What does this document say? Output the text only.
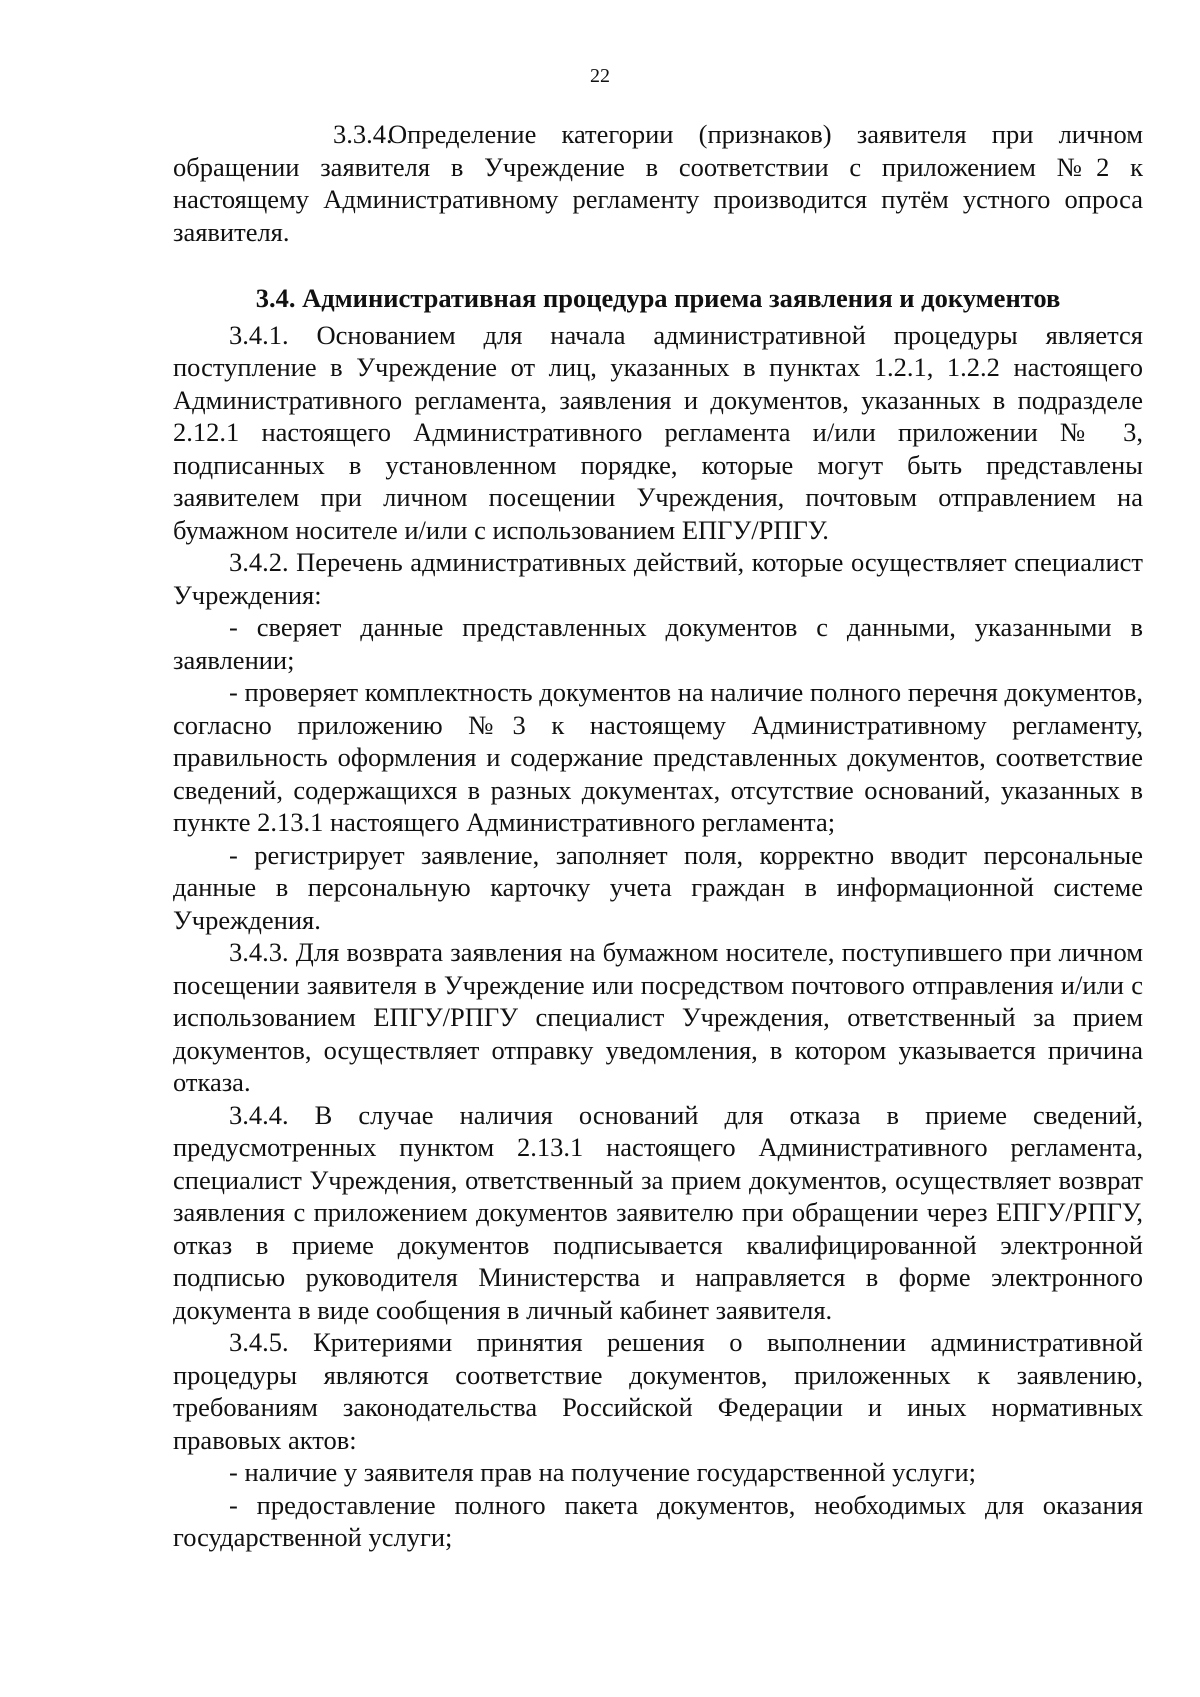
22

3.3.4.Определение категории (признаков) заявителя при личном обращении заявителя в Учреждение в соответствии с приложением №2 к настоящему Административному регламенту производится путём устного опроса заявителя.

3.4. Административная процедура приема заявления и документов

3.4.1. Основанием для начала административной процедуры является поступление в Учреждение от лиц, указанных в пунктах 1.2.1, 1.2.2 настоящего Административного регламента, заявления и документов, указанных в подразделе 2.12.1 настоящего Административного регламента и/или приложении № 3, подписанных в установленном порядке, которые могут быть представлены заявителем при личном посещении Учреждения, почтовым отправлением на бумажном носителе и/или с использованием ЕПГУ/РПГУ.

3.4.2. Перечень административных действий, которые осуществляет специалист Учреждения:

- сверяет данные представленных документов с данными, указанными в заявлении;

- проверяет комплектность документов на наличие полного перечня документов, согласно приложению №3 к настоящему Административному регламенту, правильность оформления и содержание представленных документов, соответствие сведений, содержащихся в разных документах, отсутствие оснований, указанных в пункте 2.13.1 настоящего Административного регламента;

- регистрирует заявление, заполняет поля, корректно вводит персональные данные в персональную карточку учета граждан в информационной системе Учреждения.

3.4.3. Для возврата заявления на бумажном носителе, поступившего при личном посещении заявителя в Учреждение или посредством почтового отправления и/или с использованием ЕПГУ/РПГУ специалист Учреждения, ответственный за прием документов, осуществляет отправку уведомления, в котором указывается причина отказа.

3.4.4. В случае наличия оснований для отказа в приеме сведений, предусмотренных пунктом 2.13.1 настоящего Административного регламента, специалист Учреждения, ответственный за прием документов, осуществляет возврат заявления с приложением документов заявителю при обращении через ЕПГУ/РПГУ, отказ в приеме документов подписывается квалифицированной электронной подписью руководителя Министерства и направляется в форме электронного документа в виде сообщения в личный кабинет заявителя.

3.4.5. Критериями принятия решения о выполнении административной процедуры являются соответствие документов, приложенных к заявлению, требованиям законодательства Российской Федерации и иных нормативных правовых актов:

- наличие у заявителя прав на получение государственной услуги;

- предоставление полного пакета документов, необходимых для оказания государственной услуги;
